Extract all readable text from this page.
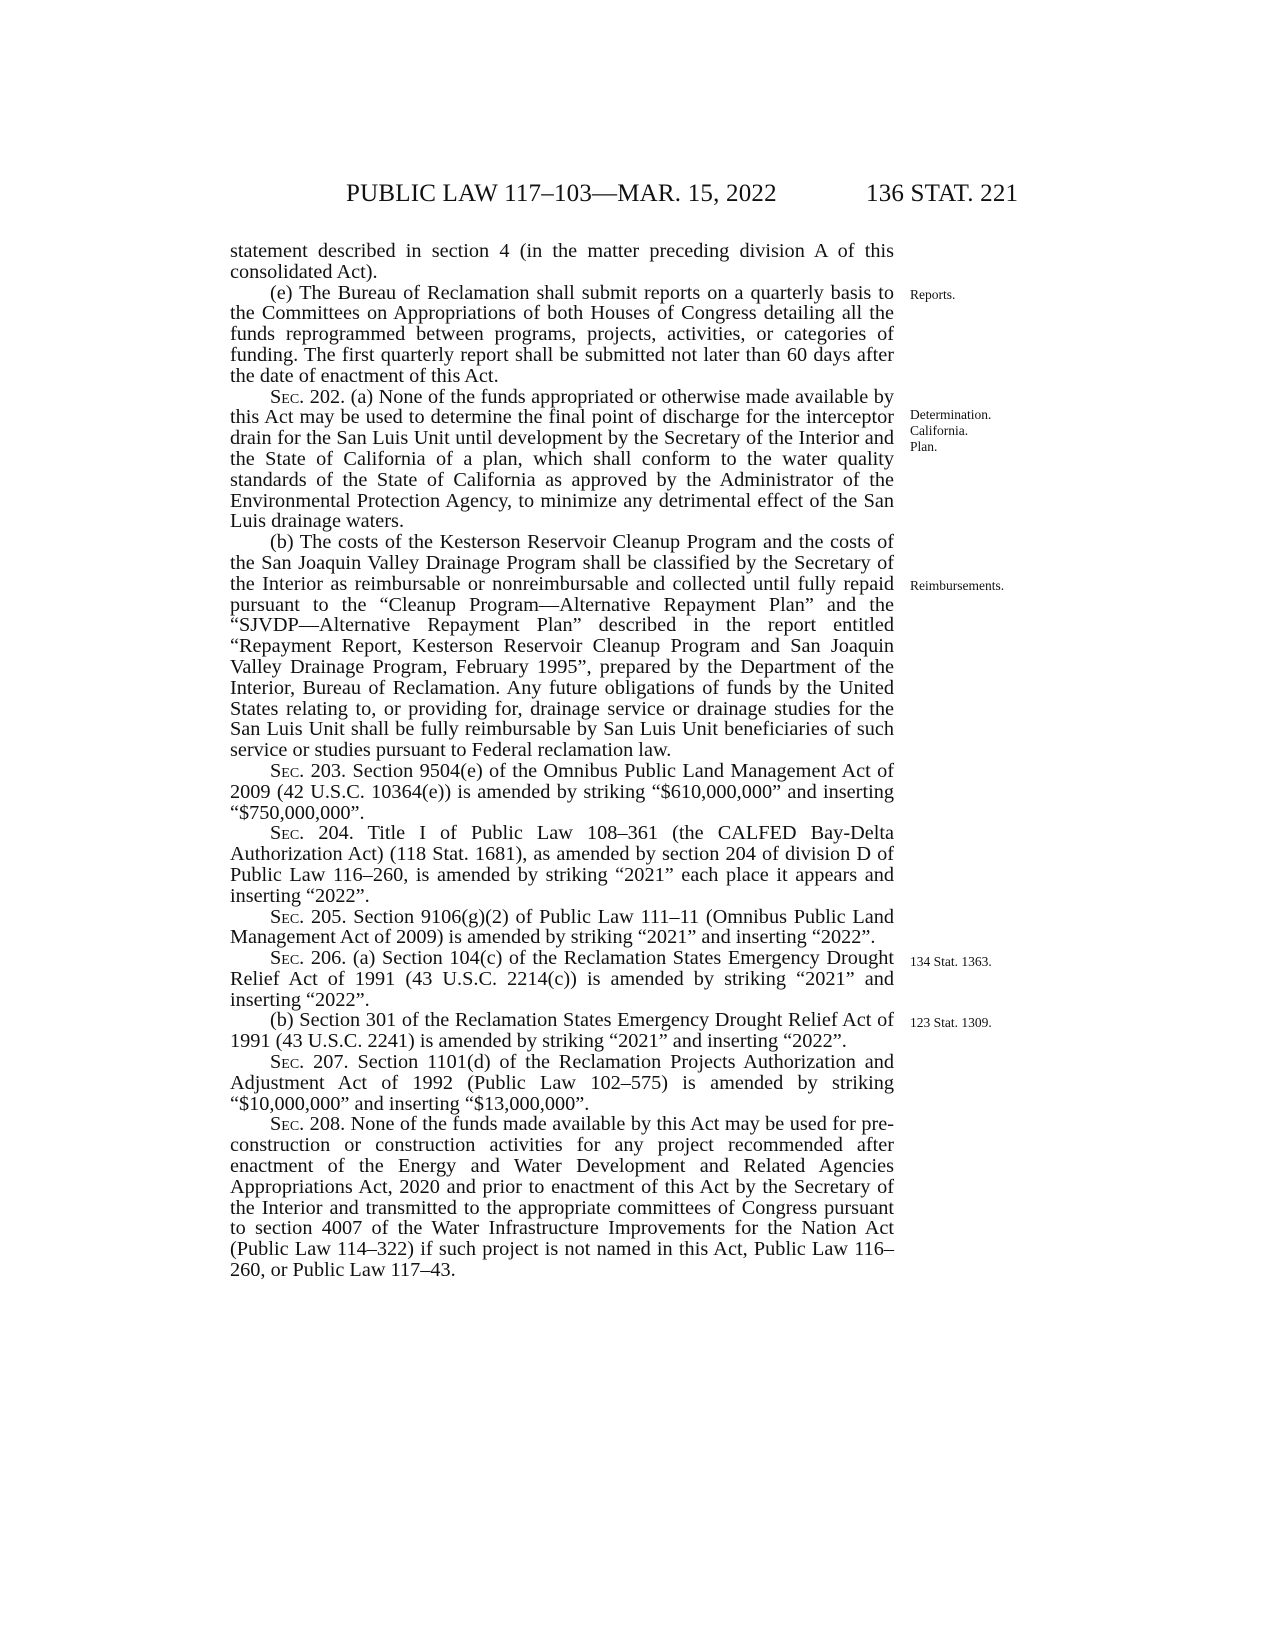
PUBLIC LAW 117–103—MAR. 15, 2022	136 STAT. 221

statement described in section 4 (in the matter preceding division A of this consolidated Act).

(e) The Bureau of Reclamation shall submit reports on a quarterly basis to the Committees on Appropriations of both Houses of Congress detailing all the funds reprogrammed between programs, projects, activities, or categories of funding. The first quarterly report shall be submitted not later than 60 days after the date of enactment of this Act.

Sec. 202. (a) None of the funds appropriated or otherwise made available by this Act may be used to determine the final point of discharge for the interceptor drain for the San Luis Unit until development by the Secretary of the Interior and the State of California of a plan, which shall conform to the water quality standards of the State of California as approved by the Administrator of the Environmental Protection Agency, to minimize any detrimental effect of the San Luis drainage waters.

(b) The costs of the Kesterson Reservoir Cleanup Program and the costs of the San Joaquin Valley Drainage Program shall be classified by the Secretary of the Interior as reimbursable or nonreimbursable and collected until fully repaid pursuant to the “Cleanup Program—Alternative Repayment Plan” and the “SJVDP—Alternative Repayment Plan” described in the report entitled “Repayment Report, Kesterson Reservoir Cleanup Program and San Joaquin Valley Drainage Program, February 1995”, prepared by the Department of the Interior, Bureau of Reclamation. Any future obligations of funds by the United States relating to, or providing for, drainage service or drainage studies for the San Luis Unit shall be fully reimbursable by San Luis Unit beneficiaries of such service or studies pursuant to Federal reclamation law.

Sec. 203. Section 9504(e) of the Omnibus Public Land Management Act of 2009 (42 U.S.C. 10364(e)) is amended by striking “$610,000,000” and inserting “$750,000,000”.

Sec. 204. Title I of Public Law 108–361 (the CALFED Bay-Delta Authorization Act) (118 Stat. 1681), as amended by section 204 of division D of Public Law 116–260, is amended by striking “2021” each place it appears and inserting “2022”.

Sec. 205. Section 9106(g)(2) of Public Law 111–11 (Omnibus Public Land Management Act of 2009) is amended by striking “2021” and inserting “2022”.

Sec. 206. (a) Section 104(c) of the Reclamation States Emergency Drought Relief Act of 1991 (43 U.S.C. 2214(c)) is amended by striking “2021” and inserting “2022”.

(b) Section 301 of the Reclamation States Emergency Drought Relief Act of 1991 (43 U.S.C. 2241) is amended by striking “2021” and inserting “2022”.

Sec. 207. Section 1101(d) of the Reclamation Projects Authorization and Adjustment Act of 1992 (Public Law 102–575) is amended by striking “$10,000,000” and inserting “$13,000,000”.

Sec. 208. None of the funds made available by this Act may be used for pre-construction or construction activities for any project recommended after enactment of the Energy and Water Development and Related Agencies Appropriations Act, 2020 and prior to enactment of this Act by the Secretary of the Interior and transmitted to the appropriate committees of Congress pursuant to section 4007 of the Water Infrastructure Improvements for the Nation Act (Public Law 114–322) if such project is not named in this Act, Public Law 116–260, or Public Law 117–43.

Reports.
Determination.
California.
Plan.
Reimbursements.
134 Stat. 1363.
123 Stat. 1309.
